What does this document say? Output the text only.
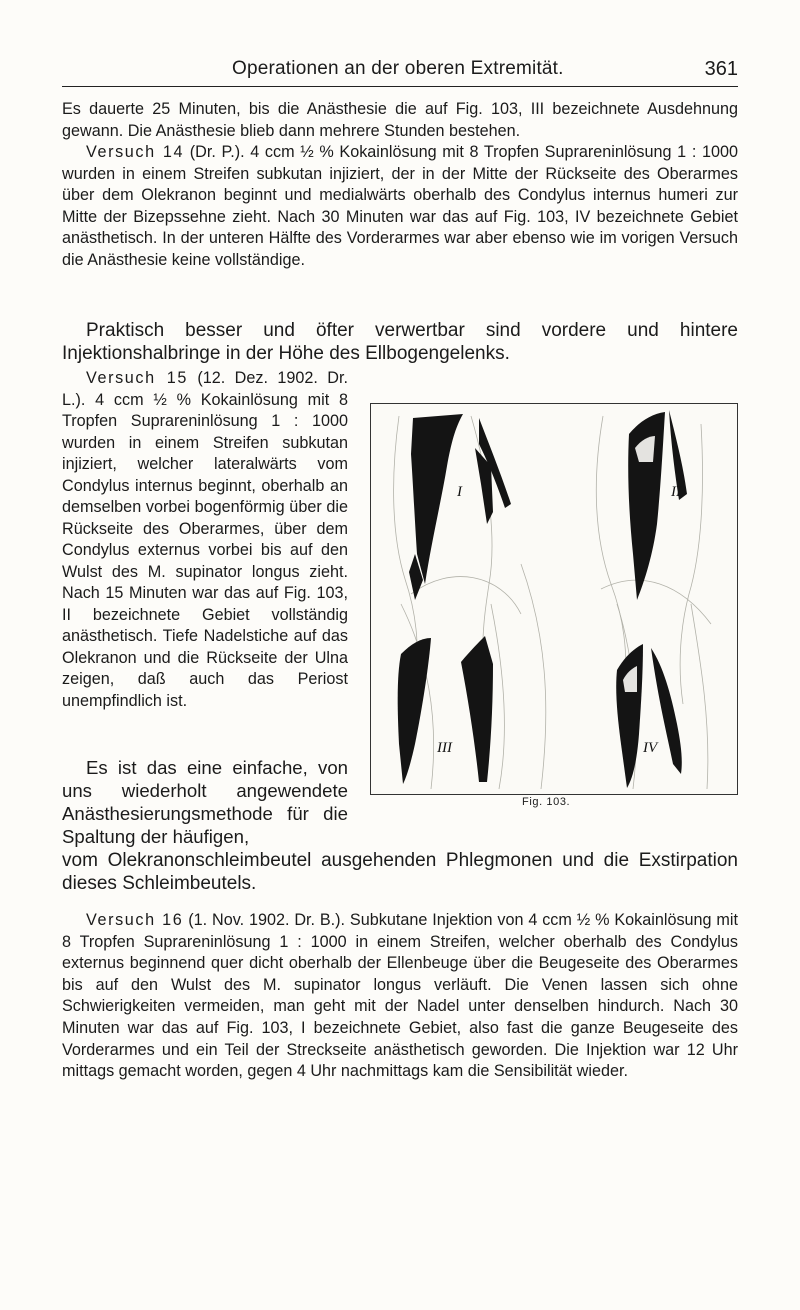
Operationen an der oberen Extremität.	361

Es dauerte 25 Minuten, bis die Anästhesie die auf Fig. 103, III bezeichnete Ausdehnung gewann. Die Anästhesie blieb dann mehrere Stunden bestehen.

Versuch 14 (Dr. P.). 4 ccm ½ % Kokainlösung mit 8 Tropfen Suprareninlösung 1 : 1000 wurden in einem Streifen subkutan injiziert, der in der Mitte der Rückseite des Oberarmes über dem Olekranon beginnt und medialwärts oberhalb des Condylus internus humeri zur Mitte der Bizepssehne zieht. Nach 30 Minuten war das auf Fig. 103, IV bezeichnete Gebiet anästhetisch. In der unteren Hälfte des Vorderarmes war aber ebenso wie im vorigen Versuch die Anästhesie keine vollständige.

Praktisch besser und öfter verwertbar sind vordere und hintere Injektionshalbringe in der Höhe des Ellbogengelenks.

Versuch 15 (12. Dez. 1902. Dr. L.). 4 ccm ½ % Kokainlösung mit 8 Tropfen Suprareninlösung 1 : 1000 wurden in einem Streifen subkutan injiziert, welcher lateralwärts vom Condylus internus beginnt, oberhalb an demselben vorbei bogenförmig über die Rückseite des Oberarmes, über dem Condylus externus vorbei bis auf den Wulst des M. supinator longus zieht. Nach 15 Minuten war das auf Fig. 103, II bezeichnete Gebiet vollständig anästhetisch. Tiefe Nadelstiche auf das Olekranon und die Rückseite der Ulna zeigen, daß auch das Periost unempfindlich ist.

Es ist das eine einfache, von uns wiederholt angewendete Anästhesierungsmethode für die Spaltung der häufigen,

vom Olekranonschleimbeutel ausgehenden Phlegmonen und die Exstirpation dieses Schleimbeutels.

Versuch 16 (1. Nov. 1902. Dr. B.). Subkutane Injektion von 4 ccm ½ % Kokainlösung mit 8 Tropfen Suprareninlösung 1 : 1000 in einem Streifen, welcher oberhalb des Condylus externus beginnend quer dicht oberhalb der Ellenbeuge über die Beugeseite des Oberarmes bis auf den Wulst des M. supinator longus verläuft. Die Venen lassen sich ohne Schwierigkeiten vermeiden, man geht mit der Nadel unter denselben hindurch. Nach 30 Minuten war das auf Fig. 103, I bezeichnete Gebiet, also fast die ganze Beugeseite des Vorderarmes und ein Teil der Streckseite anästhetisch geworden. Die Injektion war 12 Uhr mittags gemacht worden, gegen 4 Uhr nachmittags kam die Sensibilität wieder.

I	II
III	IV
Fig. 103.
